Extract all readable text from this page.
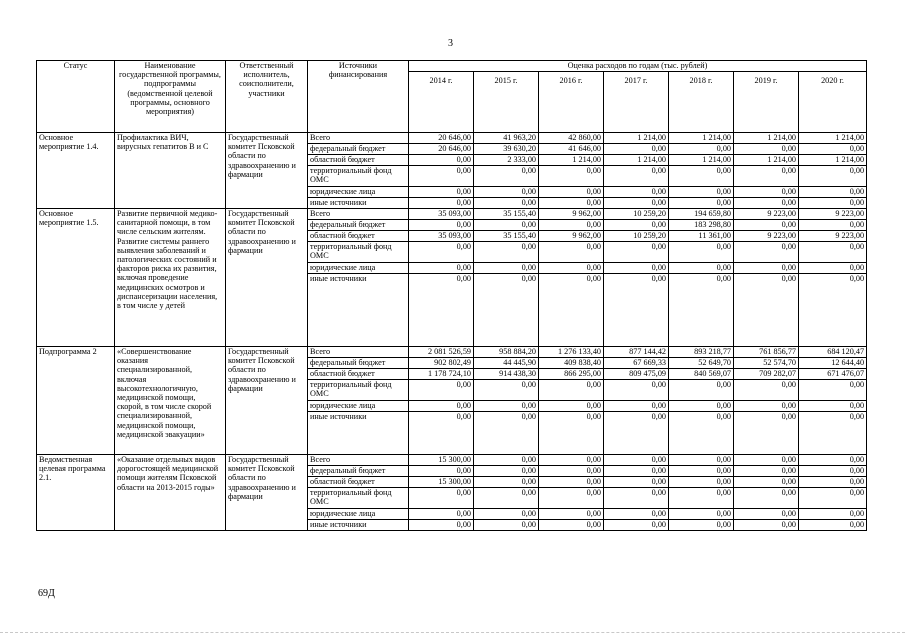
3
Статус	Наименование государственной программы, подпрограммы (ведомственной целевой программы, основного мероприятия)	Ответственный исполнитель, соисполнители, участники	Источники финансирования	Оценка расходов по годам (тыс. рублей)						
				2014 г.	2015 г.	2016 г.	2017 г.	2018 г.	2019 г.	2020 г.
Основное мероприятие 1.4.	Профилактика ВИЧ, вирусных гепатитов В и С	Государственный комитет Псковской области по здравоохранению и фармации	Всего	20 646,00	41 963,20	42 860,00	1 214,00	1 214,00	1 214,00	1 214,00
			федеральный бюджет	20 646,00	39 630,20	41 646,00	0,00	0,00	0,00	0,00
			областной бюджет	0,00	2 333,00	1 214,00	1 214,00	1 214,00	1 214,00	1 214,00
			территориальный фонд ОМС	0,00	0,00	0,00	0,00	0,00	0,00	0,00
			юридические лица	0,00	0,00	0,00	0,00	0,00	0,00	0,00
			иные источники	0,00	0,00	0,00	0,00	0,00	0,00	0,00
Основное мероприятие 1.5.	Развитие первичной медико-санитарной помощи, в том числе сельским жителям. Развитие системы раннего выявления заболеваний и патологических состояний и факторов риска их развития, включая проведение медицинских осмотров и диспансеризации населения, в том числе у детей	Государственный комитет Псковской области по здравоохранению и фармации	Всего	35 093,00	35 155,40	9 962,00	10 259,20	194 659,80	9 223,00	9 223,00
			федеральный бюджет	0,00	0,00	0,00	0,00	183 298,80	0,00	0,00
			областной бюджет	35 093,00	35 155,40	9 962,00	10 259,20	11 361,00	9 223,00	9 223,00
			территориальный фонд ОМС	0,00	0,00	0,00	0,00	0,00	0,00	0,00
			юридические лица	0,00	0,00	0,00	0,00	0,00	0,00	0,00
			иные источники	0,00	0,00	0,00	0,00	0,00	0,00	0,00
Подпрограмма 2	«Совершенствование оказания специализированной, включая высокотехнологичную, медицинской помощи, скорой, в том числе скорой специализированной, медицинской помощи, медицинской эвакуации»	Государственный комитет Псковской области по здравоохранению и фармации	Всего	2 081 526,59	958 884,20	1 276 133,40	877 144,42	893 218,77	761 856,77	684 120,47
			федеральный бюджет	902 802,49	44 445,90	409 838,40	67 669,33	52 649,70	52 574,70	12 644,40
			областной бюджет	1 178 724,10	914 438,30	866 295,00	809 475,09	840 569,07	709 282,07	671 476,07
			территориальный фонд ОМС	0,00	0,00	0,00	0,00	0,00	0,00	0,00
			юридические лица	0,00	0,00	0,00	0,00	0,00	0,00	0,00
			иные источники	0,00	0,00	0,00	0,00	0,00	0,00	0,00
Ведомственная целевая программа 2.1.	«Оказание отдельных видов дорогостоящей медицинской помощи жителям Псковской области на 2013-2015 годы»	Государственный комитет Псковской области по здравоохранению и фармации	Всего	15 300,00	0,00	0,00	0,00	0,00	0,00	0,00
			федеральный бюджет	0,00	0,00	0,00	0,00	0,00	0,00	0,00
			областной бюджет	15 300,00	0,00	0,00	0,00	0,00	0,00	0,00
			территориальный фонд ОМС	0,00	0,00	0,00	0,00	0,00	0,00	0,00
			юридические лица	0,00	0,00	0,00	0,00	0,00	0,00	0,00
			иные источники	0,00	0,00	0,00	0,00	0,00	0,00	0,00
69Д
